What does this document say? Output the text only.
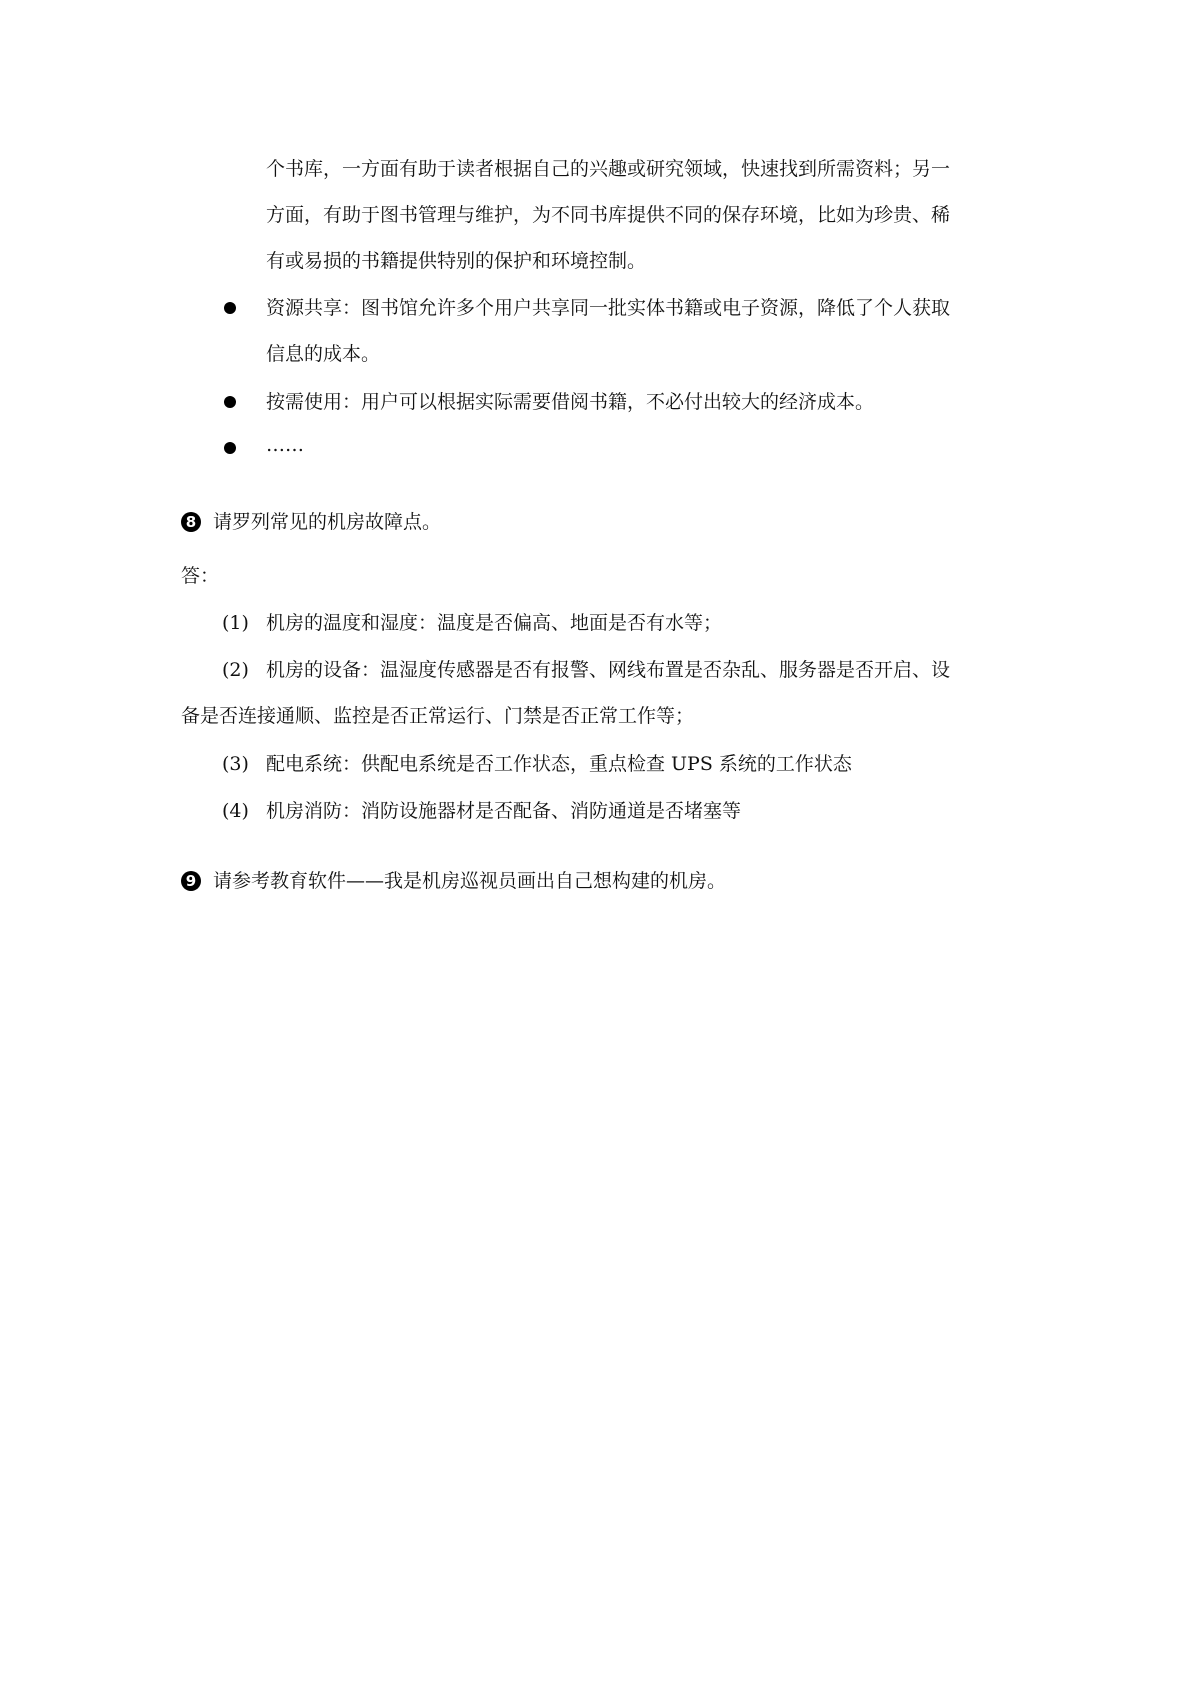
个书库，一方面有助于读者根据自己的兴趣或研究领域，快速找到所需资料；另一
方面，有助于图书管理与维护，为不同书库提供不同的保存环境，比如为珍贵、稀
有或易损的书籍提供特别的保护和环境控制。
资源共享：图书馆允许多个用户共享同一批实体书籍或电子资源，降低了个人获取
信息的成本。
按需使用：用户可以根据实际需要借阅书籍，不必付出较大的经济成本。
……
8 请罗列常见的机房故障点。
答：
(1) 机房的温度和湿度：温度是否偏高、地面是否有水等；
(2) 机房的设备：温湿度传感器是否有报警、网线布置是否杂乱、服务器是否开启、设
备是否连接通顺、监控是否正常运行、门禁是否正常工作等；
(3) 配电系统：供配电系统是否工作状态，重点检查 UPS 系统的工作状态
(4) 机房消防：消防设施器材是否配备、消防通道是否堵塞等
9 请参考教育软件——我是机房巡视员画出自己想构建的机房。
